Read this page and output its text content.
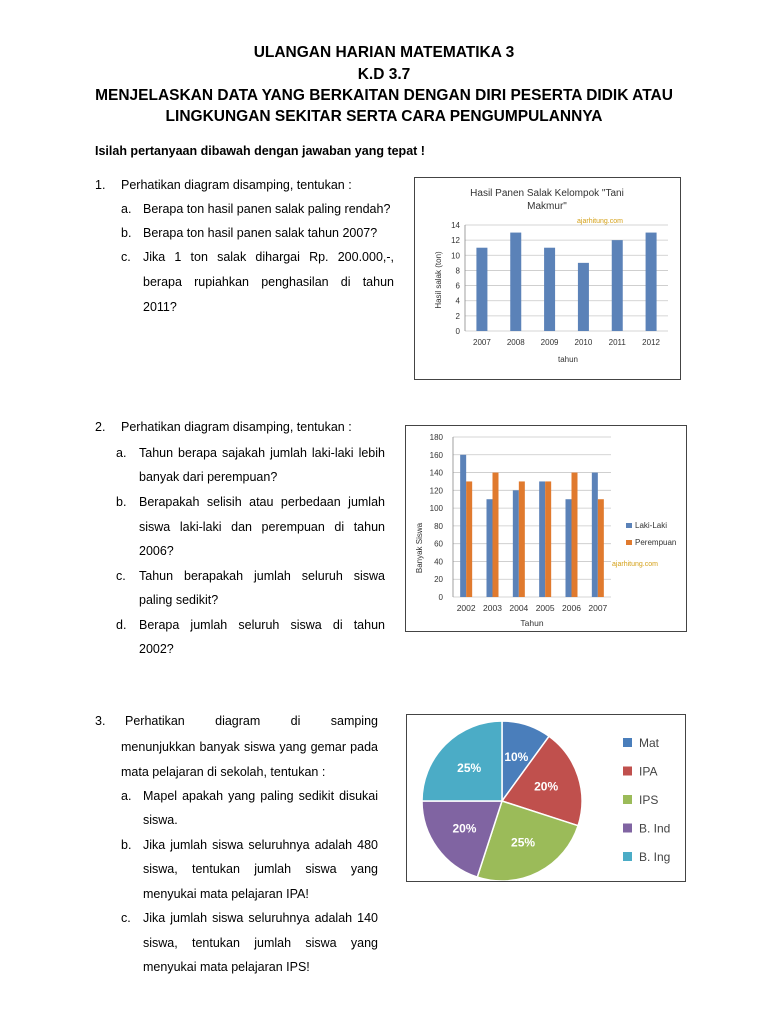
ULANGAN HARIAN MATEMATIKA 3
K.D 3.7
MENJELASKAN DATA YANG BERKAITAN DENGAN DIRI PESERTA DIDIK ATAU
LINGKUNGAN SEKITAR SERTA CARA PENGUMPULANNYA
Isilah pertanyaan dibawah dengan jawaban yang tepat !
1. Perhatikan diagram disamping, tentukan :
a. Berapa ton hasil panen salak paling rendah?
b. Berapa ton hasil panen salak tahun 2007?
c. Jika 1 ton salak dihargai Rp. 200.000,-,
berapa rupiahkan penghasilan di tahun
2011?
Hasil Panen Salak Kelompok "Tani
Makmur"
ajarhitung.com
Hasil salak (ton)
tahun
0
2
4
6
8
10
12
14
2007 2008 2009 2010 2011 2012
2. Perhatikan diagram disamping, tentukan :
a. Tahun berapa sajakah jumlah laki-laki lebih
banyak dari perempuan?
b. Berapakah selisih atau perbedaan jumlah
siswa laki-laki dan perempuan di tahun
2006?
c. Tahun berapakah jumlah seluruh siswa
paling sedikit?
d. Berapa jumlah seluruh siswa di tahun
2002?
Banyak Siswa
Tahun
ajarhitung.com
Laki-Laki
Perempuan
0
20
40
60
80
100
120
140
160
180
2002 2003 2004 2005 2006 2007
3. Perhatikan diagram di samping
menunjukkan banyak siswa yang gemar pada
mata pelajaran di sekolah, tentukan :
a. Mapel apakah yang paling sedikit disukai
siswa.
b. Jika jumlah siswa seluruhnya adalah 480
siswa, tentukan jumlah siswa yang
menyukai mata pelajaran IPA!
c. Jika jumlah siswa seluruhnya adalah 140
siswa, tentukan jumlah siswa yang
menyukai mata pelajaran IPS!
10%
20%
25%
20%
25%
Mat
IPA
IPS
B. Ind
B. Ing
